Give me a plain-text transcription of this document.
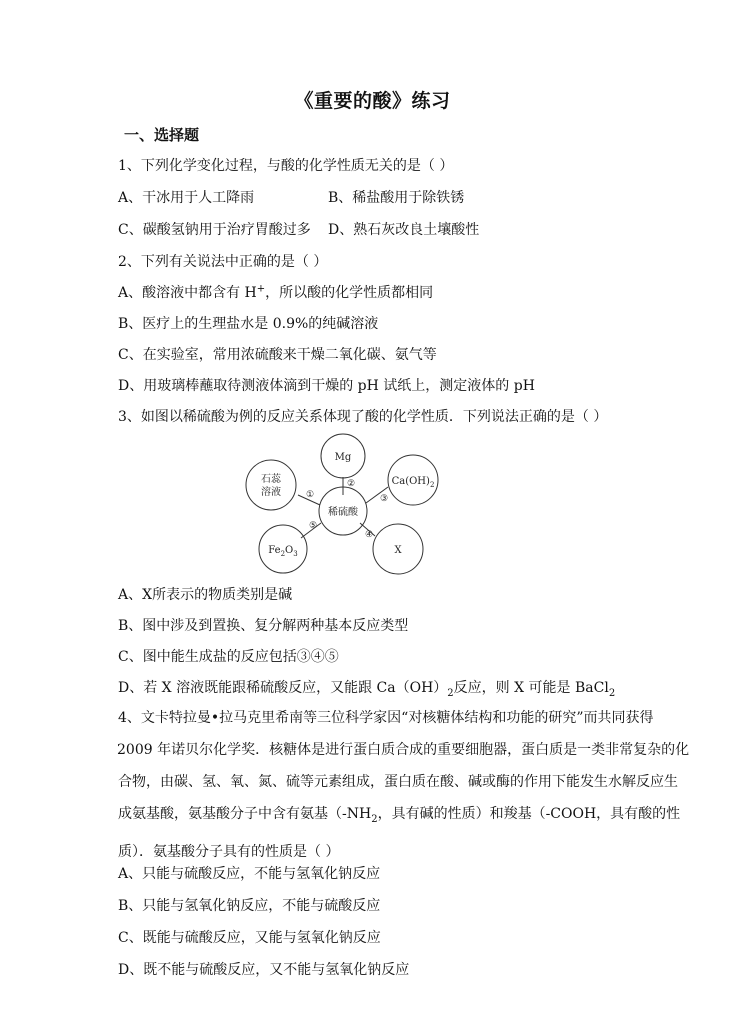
《重要的酸》练习
一、选择题
1、下列化学变化过程，与酸的化学性质无关的是（ ）
A、干冰用于人工降雨	B、稀盐酸用于除铁锈
C、碳酸氢钠用于治疗胃酸过多 D、熟石灰改良土壤酸性
2、下列有关说法中正确的是（ ）
A、酸溶液中都含有 H+，所以酸的化学性质都相同
B、医疗上的生理盐水是 0.9%的纯碱溶液
C、在实验室，常用浓硫酸来干燥二氧化碳、氨气等
D、用玻璃棒蘸取待测液体滴到干燥的 pH 试纸上，测定液体的 pH
3、如图以稀硫酸为例的反应关系体现了酸的化学性质．下列说法正确的是（ ）
稀硫酸
Mg
石蕊
溶液
$Ca(OH)_2$
$Fe_2O_3$	X
①
②
③
④
⑤
A、X所表示的物质类别是碱
B、图中涉及到置换、复分解两种基本反应类型
C、图中能生成盐的反应包括③④⑤
D、若 X 溶液既能跟稀硫酸反应，又能跟 $Ca(OH)_2$反应，则 X 可能是 BaCl$_2$

4、文卡特拉曼•拉马克里希南等三位科学家因“对核糖体结构和功能的研究”而共同获得

2009 年诺贝尔化学奖．核糖体是进行蛋白质合成的重要细胞器，蛋白质是一类非常复杂的化

合物，由碳、氢、氧、氮、硫等元素组成，蛋白质在酸、碱或酶的作用下能发生水解反应生

成氨基酸，氨基酸分子中含有氨基（$-NH_2$，具有碱的性质）和羧基（-COOH，具有酸的性

质）．氨基酸分子具有的性质是（ ）

A、只能与硫酸反应，不能与氢氧化钠反应
B、只能与氢氧化钠反应，不能与硫酸反应
C、既能与硫酸反应，又能与氢氧化钠反应
D、既不能与硫酸反应，又不能与氢氧化钠反应
